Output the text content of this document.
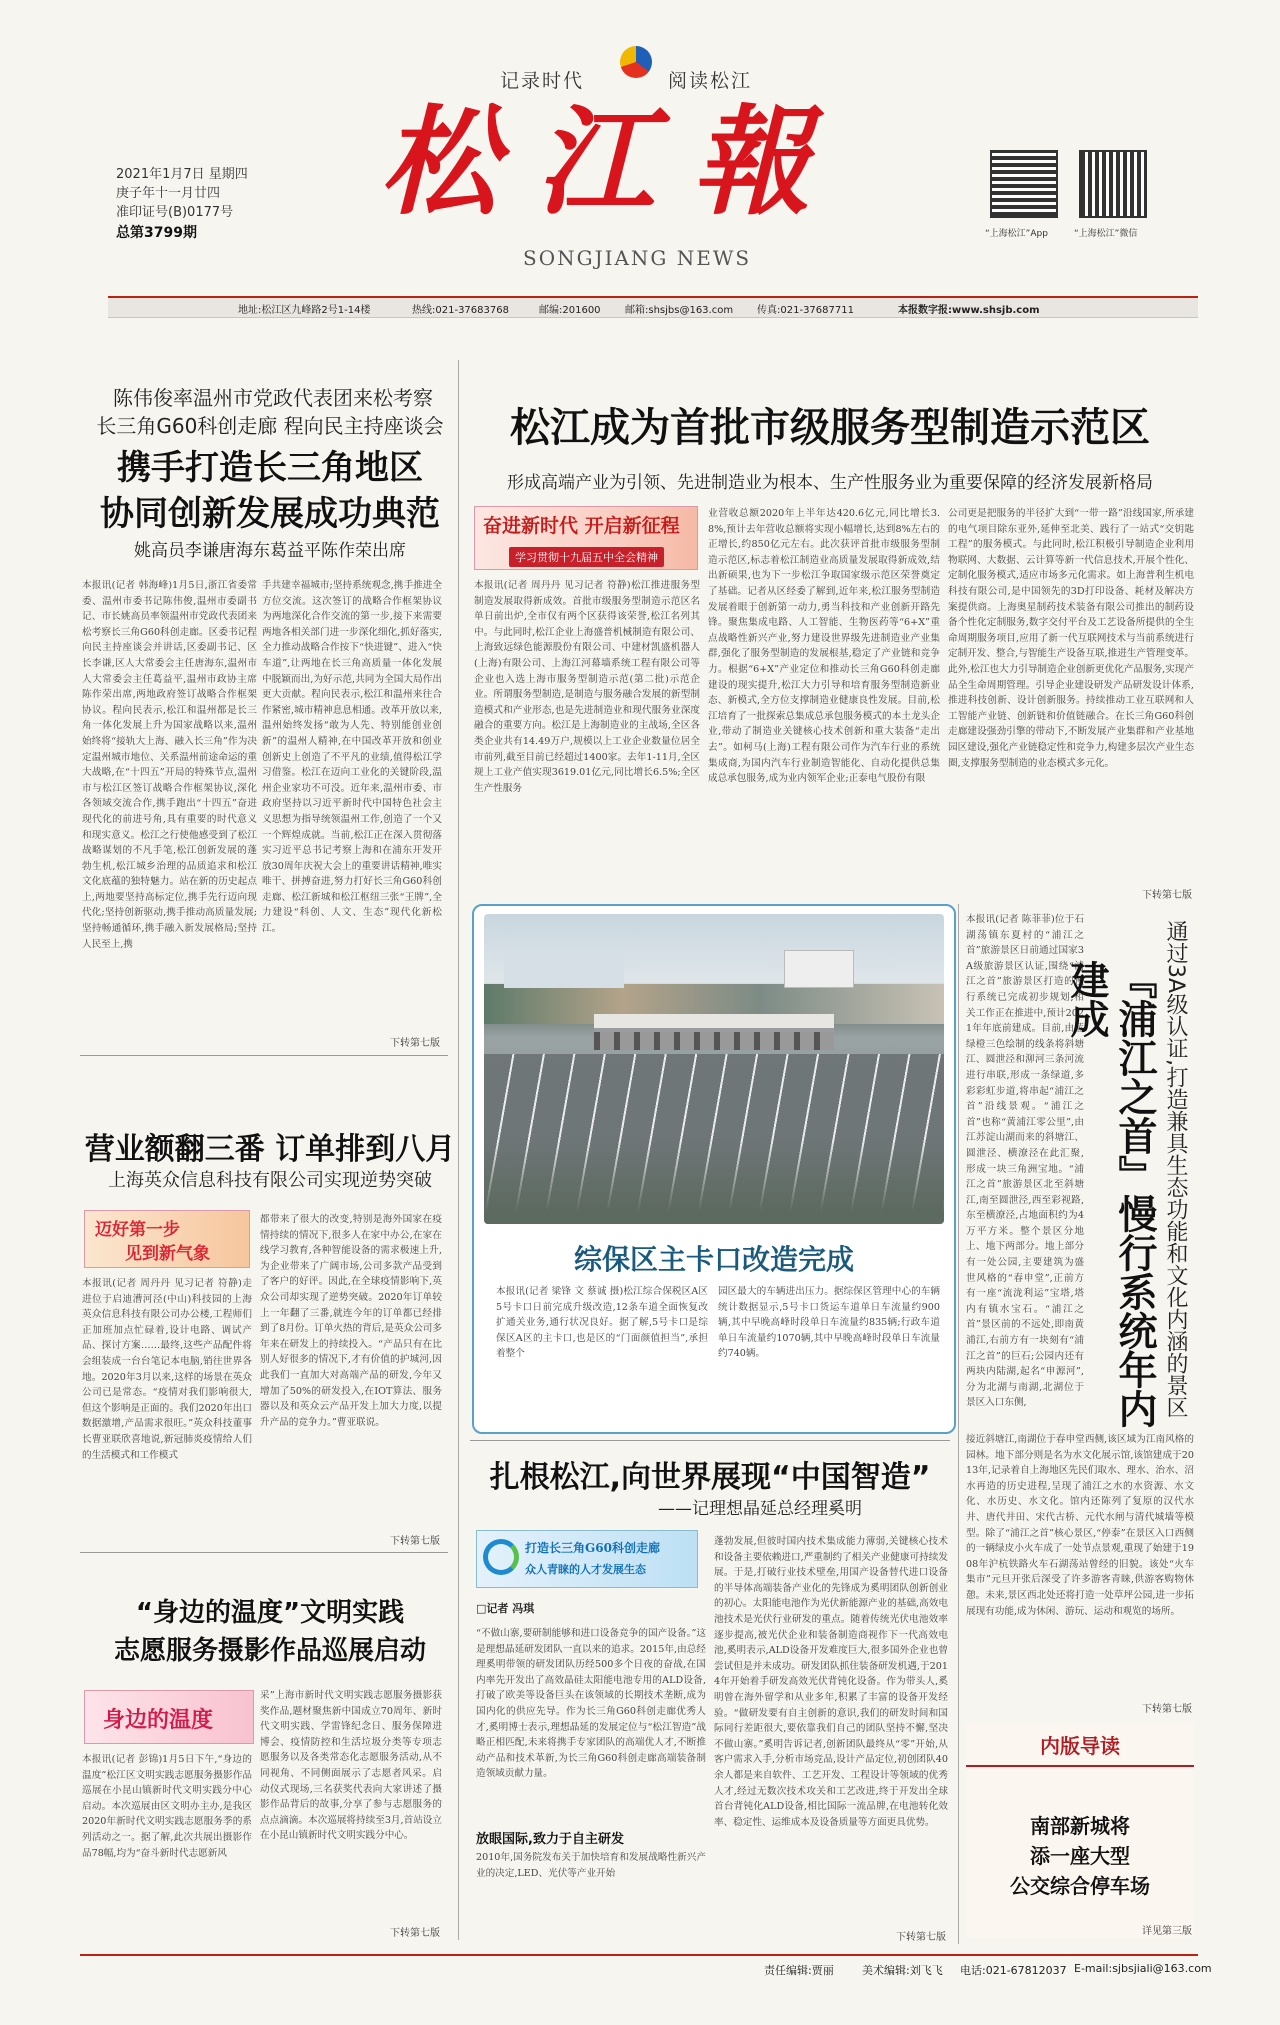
记录时代	阅读松江
松江報
SONGJIANG NEWS
2021年1月7日 星期四
庚子年十一月廿四
准印证号(B)0177号
总第3799期	“上海松江”App	“上海松江”微信
地址:松江区九峰路2号1-14楼	热线:021-37683768	邮编:201600 邮箱:shsjbs@163.com 传真:021-37687711	本报数字报:www.shsjb.com
陈伟俊率温州市党政代表团来松考察
长三角G60科创走廊 程向民主持座谈会
携手打造长三角地区
协同创新发展成功典范
姚高员李谦唐海东葛益平陈作荣出席
本报讯(记者 韩海峰)1月5日,浙江省委常委、温州市委书记陈伟俊,温州市委副书记、市长姚高员率领温州市党政代表团来松考察长三角G60科创走廊。区委书记程向民主持座谈会并讲话,区委副书记、区长李谦,区人大常委会主任唐海东,温州市人大常委会主任葛益平,温州市政协主席陈作荣出席,两地政府签订战略合作框架协议。程向民表示,松江和温州都是长三角一体化发展上升为国家战略以来,温州始终将“接轨大上海、融入长三角”作为决定温州城市地位、关系温州前途命运的重大战略,在“十四五”开局的特殊节点,温州市与松江区签订战略合作框架协议,深化各领域交流合作,携手跑出“十四五”奋进现代化的前进号角,具有重要的时代意义和现实意义。松江之行使他感受到了松江战略谋划的不凡手笔,松江创新发展的蓬勃生机,松江城乡治理的品质追求和松江文化底蕴的独特魅力。站在新的历史起点上,两地要坚持高标定位,携手先行迈向现代化;坚持创新驱动,携手推动高质量发展;坚持畅通循环,携手融入新发展格局;坚持人民至上,携
手共建幸福城市;坚持系统观念,携手推进全方位交流。这次签订的战略合作框架协议为两地深化合作交流的第一步,接下来需要两地各相关部门进一步深化细化,抓好落实,全力推动战略合作按下“快进键”、进入“快车道”,让两地在长三角高质量一体化发展中脱颖而出,为好示范,共同为全国大局作出更大贡献。程向民表示,松江和温州来往合作紧密,城市精神息息相通。改革开放以来,温州始终发扬“敢为人先、特别能创业创新”的温州人精神,在中国改革开放和创业创新史上创造了不平凡的业绩,值得松江学习借鉴。松江在迈向工业化的关键阶段,温州企业家功不可没。近年来,温州市委、市政府坚持以习近平新时代中国特色社会主义思想为指导统领温州工作,创造了一个又一个辉煌成就。当前,松江正在深入贯彻落实习近平总书记考察上海和在浦东开发开放30周年庆祝大会上的重要讲话精神,唯实唯干、拼搏奋进,努力打好长三角G60科创走廊、松江新城和松江枢纽三张“王牌”,全力建设“科创、人文、生态”现代化新松江。
下转第七版
营业额翻三番 订单排到八月
上海英众信息科技有限公司实现逆势突破
迈好第一步
见到新气象
本报讯(记者 周丹丹 见习记者 符静)走进位于启迪漕河泾(中山)科技园的上海英众信息科技有限公司办公楼,工程师们正加班加点忙碌着,设计电路、调试产品、探讨方案……最终,这些产品配件将会组装成一台台笔记本电脑,销往世界各地。2020年3月以来,这样的场景在英众公司已是常态。“疫情对我们影响很大,但这个影响是正面的。我们2020年出口数据激增,产品需求很旺。”英众科技董事长曹亚联欣喜地说,新冠肺炎疫情给人们的生活模式和工作模式
都带来了很大的改变,特别是海外国家在疫情持续的情况下,很多人在家中办公,在家在线学习教育,各种智能设备的需求极速上升,为企业带来了广阔市场,公司多款产品受到了客户的好评。因此,在全球疫情影响下,英众公司却实现了逆势突破。2020年订单较上一年翻了三番,就连今年的订单都已经排到了8月份。订单火热的背后,是英众公司多年来在研发上的持续投入。“产品只有在比别人好很多的情况下,才有价值的护城河,因此我们一直加大对高端产品的研发,今年又增加了50%的研发投入,在IOT算法、服务器以及和英众云产品开发上加大力度,以提升产品的竞争力。”曹亚联说。
下转第七版
“身边的温度”文明实践
志愿服务摄影作品巡展启动
身边的温度
本报讯(记者 彭锦)1月5日下午,“身边的温度”松江区文明实践志愿服务摄影作品巡展在小昆山镇新时代文明实践分中心启动。本次巡展由区文明办主办,是我区2020年新时代文明实践志愿服务季的系列活动之一。据了解,此次共展出摄影作品78幅,均为“奋斗新时代志愿新风
采”上海市新时代文明实践志愿服务摄影获奖作品,题材聚焦新中国成立70周年、新时代文明实践、学雷锋纪念日、服务保障进博会、疫情防控和生活垃圾分类等专项志愿服务以及各类常态化志愿服务活动,从不同视角、不同侧面展示了志愿者风采。启动仪式现场,三名获奖代表向大家讲述了摄影作品背后的故事,分享了参与志愿服务的点点滴滴。本次巡展将持续至3月,首站设立在小昆山镇新时代文明实践分中心。
下转第七版
松江成为首批市级服务型制造示范区
形成高端产业为引领、先进制造业为根本、生产性服务业为重要保障的经济发展新格局
奋进新时代 开启新征程
学习贯彻十九届五中全会精神
本报讯(记者 周丹丹 见习记者 符静)松江推进服务型制造发展取得新成效。首批市级服务型制造示范区名单日前出炉,全市仅有两个区获得该荣誉,松江名列其中。与此同时,松江企业上海盛普机械制造有限公司、上海致远绿色能源股份有限公司、中建材凯盛机器人(上海)有限公司、上海江河幕墙系统工程有限公司等企业也入选上海市服务型制造示范(第二批)示范企业。所谓服务型制造,是制造与服务融合发展的新型制造模式和产业形态,也是先进制造业和现代服务业深度融合的重要方向。松江是上海制造业的主战场,全区各类企业共有14.49万户,规模以上工业企业数量位居全市前列,截至目前已经超过1400家。去年1-11月,全区规上工业产值实现3619.01亿元,同比增长6.5%;全区生产性服务
业营收总额2020年上半年达420.6亿元,同比增长3.8%,预计去年营收总额将实现小幅增长,达到8%左右的正增长,约850亿元左右。此次获评首批市级服务型制造示范区,标志着松江制造业高质量发展取得新成效,结出新硕果,也为下一步松江争取国家级示范区荣誉奠定了基础。记者从区经委了解到,近年来,松江服务型制造发展着眼于创新第一动力,勇当科技和产业创新开路先锋。聚焦集成电路、人工智能、生物医药等“6+X”重点战略性新兴产业,努力建设世界级先进制造业产业集群,强化了服务型制造的发展根基,稳定了产业链和竞争力。根据“6+X”产业定位和推动长三角G60科创走廊建设的现实提升,松江大力引导和培育服务型制造新业态、新模式,全方位支撑制造业健康良性发展。目前,松江培育了一批探索总集成总承包服务模式的本土龙头企业,带动了制造业关键核心技术创新和重大装备“走出去”。如柯马(上海)工程有限公司作为汽车行业的系统集成商,为国内汽车行业制造智能化、自动化提供总集成总承包服务,成为业内领军企业;正泰电气股份有限
公司更是把服务的半径扩大到“一带一路”沿线国家,所承建的电气项目除东亚外,延伸至北美、践行了一站式“交钥匙工程”的服务模式。与此同时,松江积极引导制造企业利用物联网、大数据、云计算等新一代信息技术,开展个性化、定制化服务模式,适应市场多元化需求。如上海普利生机电科技有限公司,是中国领先的3D打印设备、耗材及解决方案提供商。上海奥星制药技术装备有限公司推出的制药设备个性化定制服务,数字交付平台及工艺设备所提供的全生命周期服务项目,应用了新一代互联网技术与当前系统进行定制开发、整合,与智能生产设备互联,推进生产管理变革。此外,松江也大力引导制造企业创新更优化产品服务,实现产品全生命周期管理。引导企业建设研发产品研发设计体系,推进科技创新、设计创新服务。持续推动工业互联网和人工智能产业链、创新链和价值链融合。在长三角G60科创走廊建设强劲引擎的带动下,不断发展产业集群和产业基地园区建设,强化产业链稳定性和竞争力,构建多层次产业生态圈,支撑服务型制造的业态模式多元化。
下转第七版
综保区主卡口改造完成
本报讯(记者 梁锋 文 蔡诚 摄)松江综合保税区A区5号卡口日前完成升级改造,12条车道全面恢复改扩通关业务,通行状况良好。据了解,5号卡口是综保区A区的主卡口,也是区的“门面颜值担当”,承担着整个
园区最大的车辆进出压力。据综保区管理中心的车辆统计数据显示,5号卡口货运车道单日车流量约900辆,其中早晚高峰时段单日车流量约835辆;行政车道单日车流量约1070辆,其中早晚高峰时段单日车流量约740辆。
本报讯(记者 陈菲菲)位于石湖荡镇东夏村的“浦江之首”旅游景区日前通过国家3A级旅游景区认证,围绕“浦江之首”旅游景区打造的慢行系统已完成初步规划,相关工作正在推进中,预计2021年年底前建成。目前,由蓝绿橙三色绘制的线条将斜塘江、圆泄泾和泖河三条河流进行串联,形成一条绿道,多彩彩虹步道,将串起“浦江之首”沿线景观。“浦江之首”也称“黄浦江零公里”,由江苏淀山湖而来的斜塘江、圆泄泾、横潦泾在此汇聚,形成一块三角洲宝地。“浦江之首”旅游景区北至斜塘江,南至圆泄泾,西至彩视路,东至横潦泾,占地面积约为4万平方米。整个景区分地上、地下两部分。地上部分有一处公园,主要建筑为盛世风格的“春申堂”,正前方有一座“流泷利运”宝塔,塔内有镇水宝石。“浦江之首”景区前的不远处,即南黄浦江,右前方有一块刻有“浦江之首”的巨石;公园内还有两块内陆湖,起名“申源河”,分为北湖与南湖,北湖位于景区入口东侧,	通过3A级认证,打造兼具生态功能和文化内涵的景区
『浦江之首』慢行系统年内建成
接近斜塘江,南湖位于春申堂西侧,该区域为江南风格的园林。地下部分则是名为水文化展示馆,该馆建成于2013年,记录着自上海地区先民们取水、理水、治水、沼水再造的历史进程,呈现了浦江之水的水资源、水文化、水历史、水文化。馆内还陈列了复原的汉代水井、唐代井田、宋代古桥、元代水闸与清代城墙等模型。除了“浦江之首”核心景区,“停泰”在景区入口西侧的一辆绿皮小火车成了一处节点景观,重现了始建于1908年沪杭铁路火车石湖荡站曾经的旧貌。该处“火车集市”元旦开张后深受了许多游客青睐,供游客购物休憩。未来,景区西北处还将打造一处草坪公园,进一步拓展现有功能,成为休闲、游玩、运动和观览的场所。
下转第七版
扎根松江,向世界展现“中国智造”
——记理想晶延总经理奚明
打造长三角G60科创走廊
众人青睐的人才发展生态
□记者 冯琪
“不做山寨,要研制能够和进口设备竞争的国产设备。”这是理想晶延研发团队一直以来的追求。2015年,由总经理奚明带领的研发团队历经500多个日夜的奋战,在国内率先开发出了高效晶硅太阳能电池专用的ALD设备,打破了欧美等设备巨头在该领域的长期技术垄断,成为国内化的供应先导。作为长三角G60科创走廊优秀人才,奚明博士表示,理想晶延的发展定位与“松江智造”战略正相匹配,未来将携手专家团队的高端优人才,不断推动产品和技术革新,为长三角G60科创走廊高端装备制造领域贡献力量。
放眼国际,致力于自主研发
2010年,国务院发布关于加快培育和发展战略性新兴产业的决定,LED、光伏等产业开始
蓬勃发展,但彼时国内技术集成能力薄弱,关键核心技术和设备主要依赖进口,严重制约了相关产业健康可持续发展。于是,打破行业技术壁垒,用国产设备替代进口设备的半导体高端装备产业化的先锋成为奚明团队创新创业的初心。太阳能电池作为光伏新能源产业的基础,高效电池技术是光伏行业研发的重点。随着传统光伏电池效率逐步提高,被光伏企业和装备制造商视作下一代高效电池,奚明表示,ALD设备开发难度巨大,很多国外企业也曾尝试但是并未成功。研发团队抓住装备研发机遇,于2014年开始着手研发高效光伏背钝化设备。作为带头人,奚明曾在海外留学和从业多年,积累了丰富的设备开发经验。“做研发要有自主创新的意识,我们的研发时间和国际同行差距很大,要依靠我们自己的团队坚持不懈,坚决不做山寨。”奚明告诉记者,创新团队最终从“零”开始,从客户需求入手,分析市场竞品,设计产品定位,初创团队40余人都是来自软件、工艺开发、工程设计等领域的优秀人才,经过无数次技术攻关和工艺改进,终于开发出全球首台背钝化ALD设备,相比国际一流品牌,在电池转化效率、稳定性、运维成本及设备质量等方面更具优势。
下转第七版
内版导读
南部新城将
添一座大型
公交综合停车场
详见第三版
责任编辑:贾丽	美术编辑:刘飞飞 电话:021-67812037 E-mail:sjbsjiali@163.com
